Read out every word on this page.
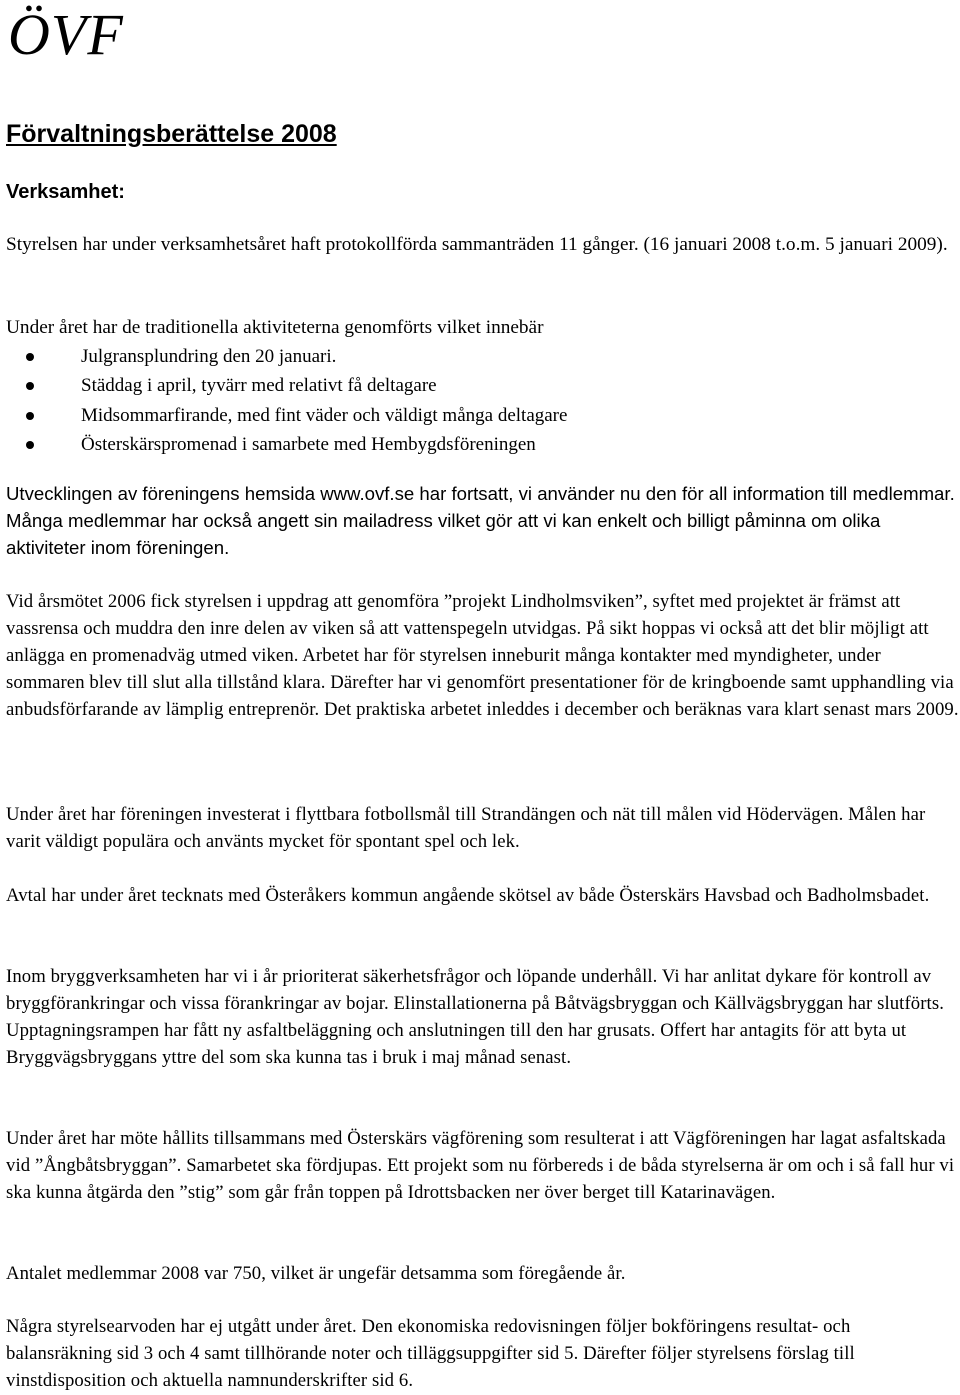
ÖVF
Förvaltningsberättelse 2008
Verksamhet:
Styrelsen har under verksamhetsåret haft protokollförda sammanträden 11 gånger. (16 januari 2008 t.o.m. 5 januari 2009).
Under året har de traditionella aktiviteterna genomförts vilket innebär
Julgransplundring den 20 januari.
Städdag i april, tyvärr med relativt få deltagare
Midsommarfirande, med fint väder och väldigt många deltagare
Österskärspromenad i samarbete med Hembygdsföreningen
Utvecklingen av föreningens hemsida www.ovf.se har fortsatt, vi använder nu den för all information till medlemmar. Många medlemmar har också angett sin mailadress vilket gör att vi kan enkelt och billigt påminna om olika aktiviteter inom föreningen.
Vid årsmötet 2006 fick styrelsen i uppdrag att genomföra ”projekt Lindholmsviken”, syftet med projektet är främst att vassrensa och muddra den inre delen av viken så att vattenspegeln utvidgas. På sikt hoppas vi också att det blir möjligt att anlägga en promenadväg utmed viken. Arbetet har för styrelsen inneburit många kontakter med myndigheter, under sommaren blev till slut alla tillstånd klara. Därefter har vi genomfört presentationer för de kringboende samt upphandling via anbudsförfarande av lämplig entreprenör. Det praktiska arbetet inleddes i december och beräknas vara klart senast mars 2009.
Under året har föreningen investerat i flyttbara fotbollsmål till Strandängen och nät till målen vid Hödervägen. Målen har varit väldigt populära och använts mycket för spontant spel och lek.
Avtal har under året tecknats med Österåkers kommun angående skötsel av både Österskärs Havsbad och Badholmsbadet.
Inom bryggverksamheten har vi i år prioriterat säkerhetsfrågor och löpande underhåll. Vi har anlitat dykare för kontroll av bryggförankringar och vissa förankringar av bojar. Elinstallationerna på Båtvägsbryggan och Källvägsbryggan har slutförts. Upptagningsrampen har fått ny asfaltbeläggning och anslutningen till den har grusats. Offert har antagits för att byta ut Bryggvägsbryggans yttre del som ska kunna tas i bruk i maj månad senast.
Under året har möte hållits tillsammans med Österskärs vägförening som resulterat i att Vägföreningen har lagat asfaltskada vid ”Ångbåtsbryggan”. Samarbetet ska fördjupas. Ett projekt som nu förbereds i de båda styrelserna är om och i så fall hur vi ska kunna åtgärda den ”stig” som går från toppen på Idrottsbacken ner över berget till Katarinavägen.
Antalet medlemmar 2008 var 750, vilket är ungefär detsamma som föregående år.
Några styrelsearvoden har ej utgått under året. Den ekonomiska redovisningen följer bokföringens resultat- och balansräkning sid 3 och 4 samt tillhörande noter och tilläggsuppgifter sid 5. Därefter följer styrelsens förslag till vinstdisposition och aktuella namnunderskrifter sid 6.
